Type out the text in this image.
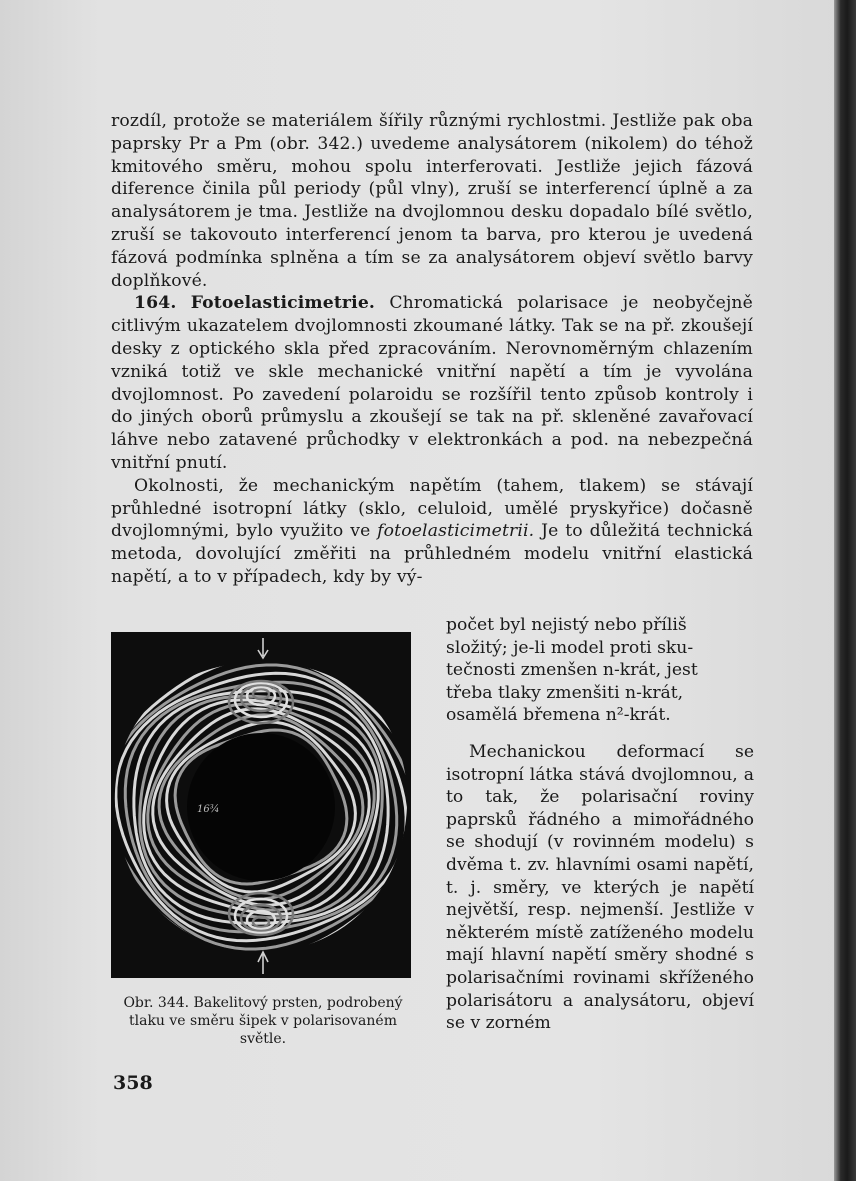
rozdíl, protože se materiálem šířily různými rychlostmi. Jestliže pak oba paprsky Pr a Pm (obr. 342.) uvedeme analysátorem (nikolem) do téhož kmitového směru, mohou spolu interferovati. Jestliže jejich fázová diference činila půl periody (půl vlny), zruší se interferencí úplně a za analysátorem je tma. Jestliže na dvojlomnou desku dopadalo bílé světlo, zruší se takovouto interferencí jenom ta barva, pro kterou je uvedená fázová podmínka splněna a tím se za analysátorem objeví světlo barvy doplňkové.

164. Fotoelasticimetrie. Chromatická polarisace je neobyčejně citlivým ukazatelem dvojlomnosti zkoumané látky. Tak se na př. zkoušejí desky z optického skla před zpracováním. Nerovnoměrným chlazením vzniká totiž ve skle mechanické vnitřní napětí a tím je vyvolána dvojlomnost. Po zavedení polaroidu se rozšířil tento způsob kontroly i do jiných oborů průmyslu a zkoušejí se tak na př. skleněné zavařovací láhve nebo zatavené průchodky v elektronkách a pod. na nebezpečná vnitřní pnutí.

Okolnosti, že mechanickým napětím (tahem, tlakem) se stávají průhledné isotropní látky (sklo, celuloid, umělé pryskyřice) dočasně dvojlomnými, bylo využito ve fotoelasticimetrii. Je to důležitá technická metoda, dovolující změřiti na průhledném modelu vnitřní elastická napětí, a to v případech, kdy by vý-

16¾

počet byl nejistý nebo příliš

složitý; je-li model proti sku-

tečnosti zmenšen n-krát, jest

třeba tlaky zmenšiti n-krát,

osamělá břemena n²-krát.

Mechanickou deformací se isotropní látka stává dvojlomnou, a to tak, že polarisační roviny paprsků řádného a mimořádného se shodují (v rovinném modelu) s dvěma t. zv. hlavními osami napětí, t. j. směry, ve kterých je napětí největší, resp. nejmenší. Jestliže v některém místě zatíženého modelu mají hlavní napětí směry shodné s polarisačními rovinami skříženého polarisátoru a analysátoru, objeví se v zorném

Obr. 344. Bakelitový prsten, podrobený tlaku ve směru šipek v polarisovaném světle.
358
